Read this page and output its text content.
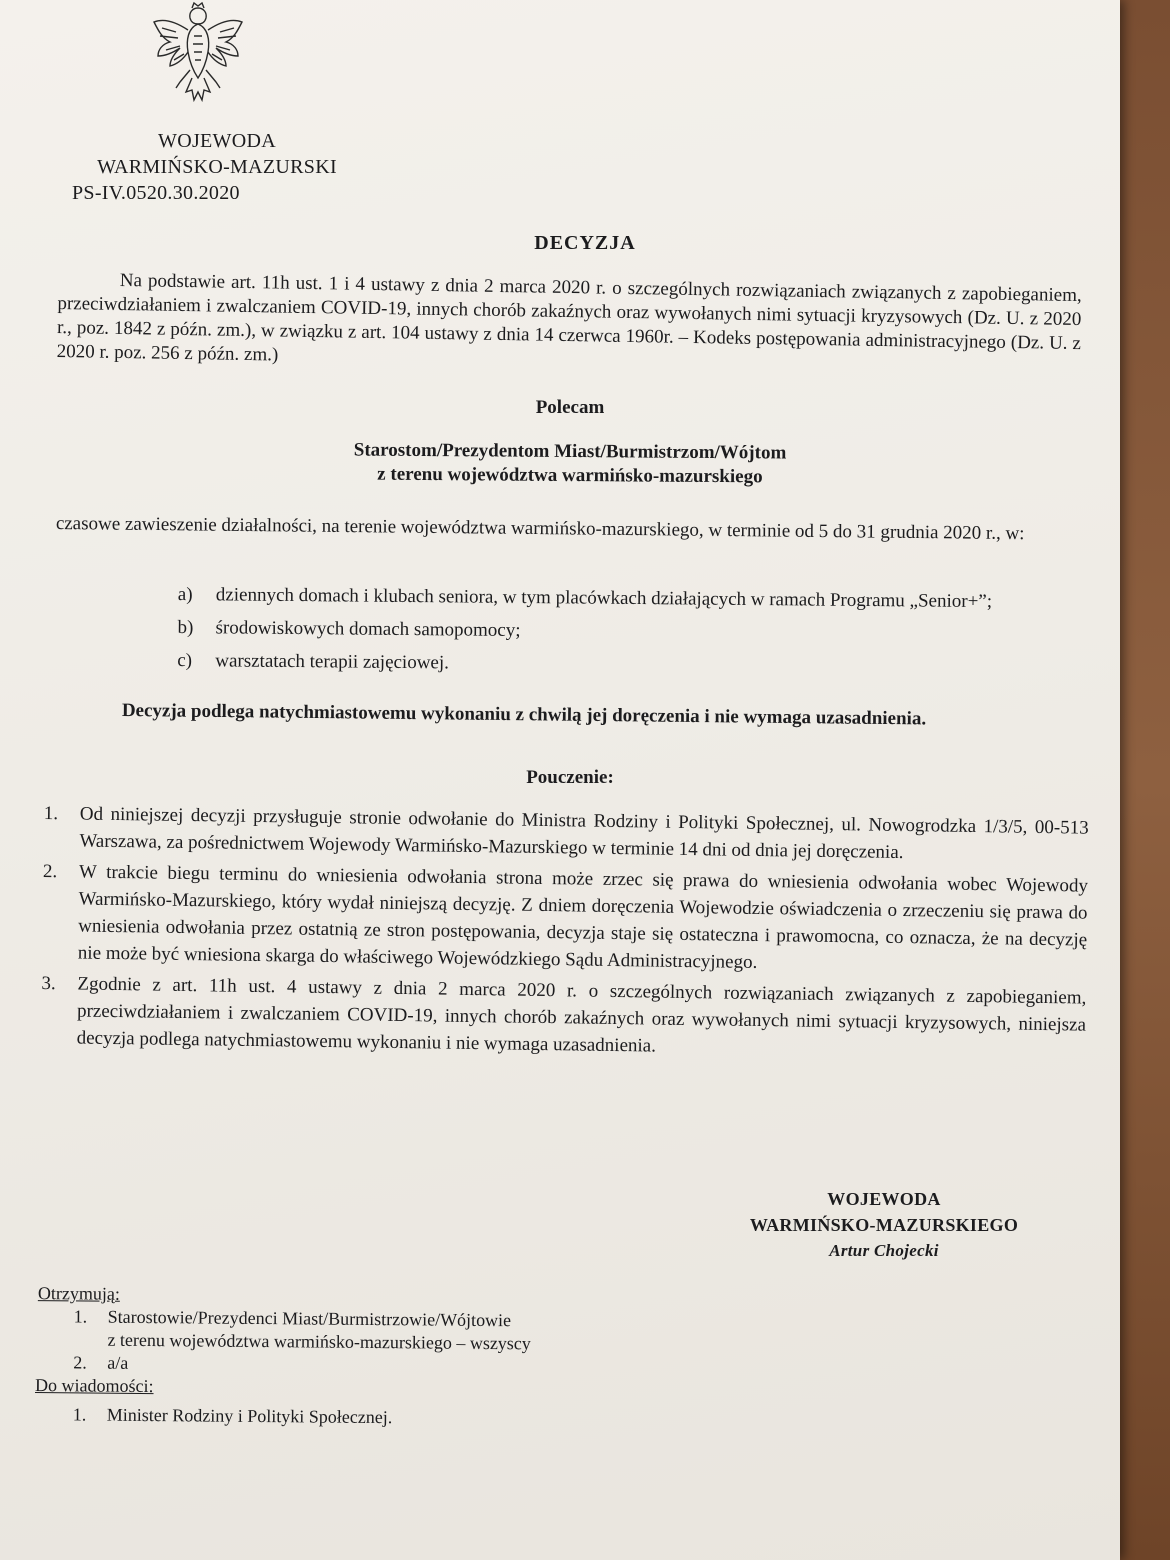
WOJEWODA
WARMIŃSKO-MAZURSKI
PS-IV.0520.30.2020
DECYZJA
Na podstawie art. 11h ust. 1 i 4 ustawy z dnia 2 marca 2020 r. o szczególnych rozwiązaniach związanych z zapobieganiem, przeciwdziałaniem i zwalczaniem COVID-19, innych chorób zakaźnych oraz wywołanych nimi sytuacji kryzysowych (Dz. U. z 2020 r., poz. 1842 z późn. zm.), w związku z art. 104 ustawy z dnia 14 czerwca 1960r. – Kodeks postępowania administracyjnego (Dz. U. z 2020 r. poz. 256 z późn. zm.)
Polecam
Starostom/Prezydentom Miast/Burmistrzom/Wójtom
z terenu województwa warmińsko-mazurskiego
czasowe zawieszenie działalności, na terenie województwa warmińsko-mazurskiego, w terminie od 5 do 31 grudnia 2020 r., w:
a)	dziennych domach i klubach seniora, w tym placówkach działających w ramach Programu „Senior+”;
b)	środowiskowych domach samopomocy;
c)	warsztatach terapii zajęciowej.
Decyzja podlega natychmiastowemu wykonaniu z chwilą jej doręczenia i nie wymaga uzasadnienia.
Pouczenie:
1.	Od niniejszej decyzji przysługuje stronie odwołanie do Ministra Rodziny i Polityki Społecznej, ul. Nowogrodzka 1/3/5, 00-513 Warszawa, za pośrednictwem Wojewody Warmińsko-Mazurskiego w terminie 14 dni od dnia jej doręczenia.
2.	W trakcie biegu terminu do wniesienia odwołania strona może zrzec się prawa do wniesienia odwołania wobec Wojewody Warmińsko-Mazurskiego, który wydał niniejszą decyzję. Z dniem doręczenia Wojewodzie oświadczenia o zrzeczeniu się prawa do wniesienia odwołania przez ostatnią ze stron postępowania, decyzja staje się ostateczna i prawomocna, co oznacza, że na decyzję nie może być wniesiona skarga do właściwego Wojewódzkiego Sądu Administracyjnego.
3.	Zgodnie z art. 11h ust. 4 ustawy z dnia 2 marca 2020 r. o szczególnych rozwiązaniach związanych z zapobieganiem, przeciwdziałaniem i zwalczaniem COVID-19, innych chorób zakaźnych oraz wywołanych nimi sytuacji kryzysowych, niniejsza decyzja podlega natychmiastowemu wykonaniu i nie wymaga uzasadnienia.
WOJEWODA
WARMIŃSKO-MAZURSKIEGO
Artur Chojecki
Otrzymują:
1.	Starostowie/Prezydenci Miast/Burmistrzowie/Wójtowie
z terenu województwa warmińsko-mazurskiego – wszyscy
2.	a/a
Do wiadomości:
1.	Minister Rodziny i Polityki Społecznej.
